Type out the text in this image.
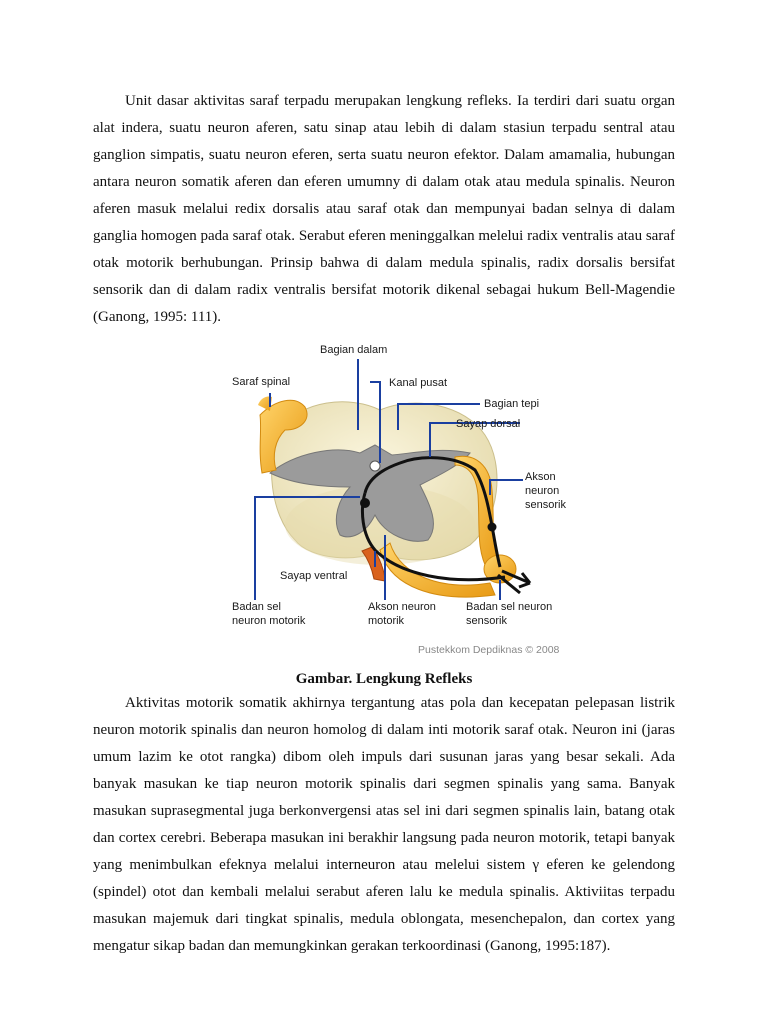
Unit dasar aktivitas saraf terpadu merupakan lengkung refleks. Ia terdiri dari suatu organ alat indera, suatu neuron aferen, satu sinap atau lebih di dalam stasiun terpadu sentral atau ganglion simpatis, suatu neuron eferen, serta suatu neuron efektor. Dalam amamalia, hubungan antara neuron somatik aferen dan eferen umumny di dalam otak atau medula spinalis. Neuron aferen masuk melalui redix dorsalis atau saraf otak dan mempunyai badan selnya di dalam ganglia homogen pada saraf otak. Serabut eferen meninggalkan melelui radix ventralis atau saraf otak motorik berhubungan. Prinsip bahwa di dalam medula spinalis, radix dorsalis bersifat sensorik dan di dalam radix ventralis bersifat motorik dikenal sebagai hukum Bell-Magendie (Ganong, 1995: 111).

Bagian dalam
Saraf spinal	Kanal pusat
Bagian tepi
Sayap dorsal
Akson
neuron
sensorik
Sayap ventral
Badan sel
neuron motorik
Akson neuron
motorik
Badan sel neuron
sensorik
Pustekkom Depdiknas © 2008
Gambar. Lengkung Refleks

Aktivitas motorik somatik akhirnya tergantung atas pola dan kecepatan pelepasan listrik neuron motorik spinalis dan neuron homolog di dalam inti motorik saraf otak. Neuron ini (jaras umum lazim ke otot rangka) dibom oleh impuls dari susunan jaras yang besar sekali. Ada banyak masukan ke tiap neuron motorik spinalis dari segmen spinalis yang sama. Banyak masukan suprasegmental juga berkonvergensi atas sel ini dari segmen spinalis lain, batang otak dan cortex cerebri. Beberapa masukan ini berakhir langsung pada neuron motorik, tetapi banyak yang menimbulkan efeknya melalui interneuron atau melelui sistem γ eferen ke gelendong (spindel) otot dan kembali melalui serabut aferen lalu ke medula spinalis. Aktiviitas terpadu masukan majemuk dari tingkat spinalis, medula oblongata, mesenchepalon, dan cortex yang mengatur sikap badan dan memungkinkan gerakan terkoordinasi (Ganong, 1995:187).
